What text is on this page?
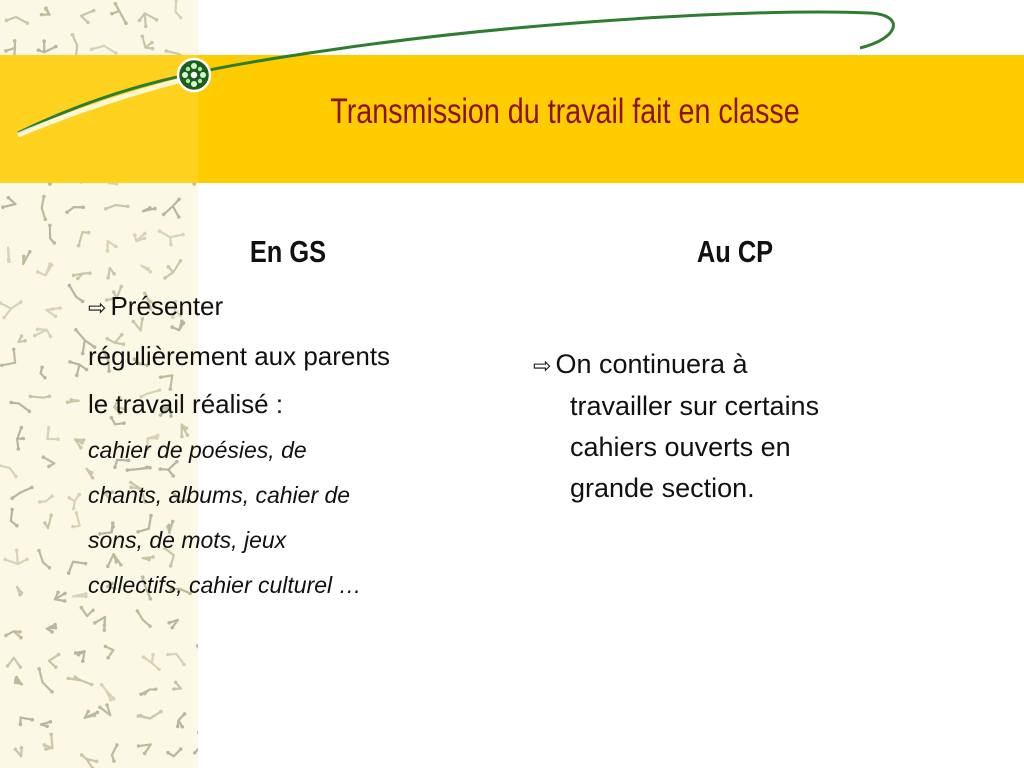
Transmission du travail fait en classe
En GS	Au CP
⇨ Présenter
régulièrement aux parents
le travail réalisé :
cahier de poésies, de
chants, albums, cahier de
sons, de mots, jeux
collectifs, cahier culturel …
⇨ On continuera à
travailler sur certains
cahiers ouverts en
grande section.
